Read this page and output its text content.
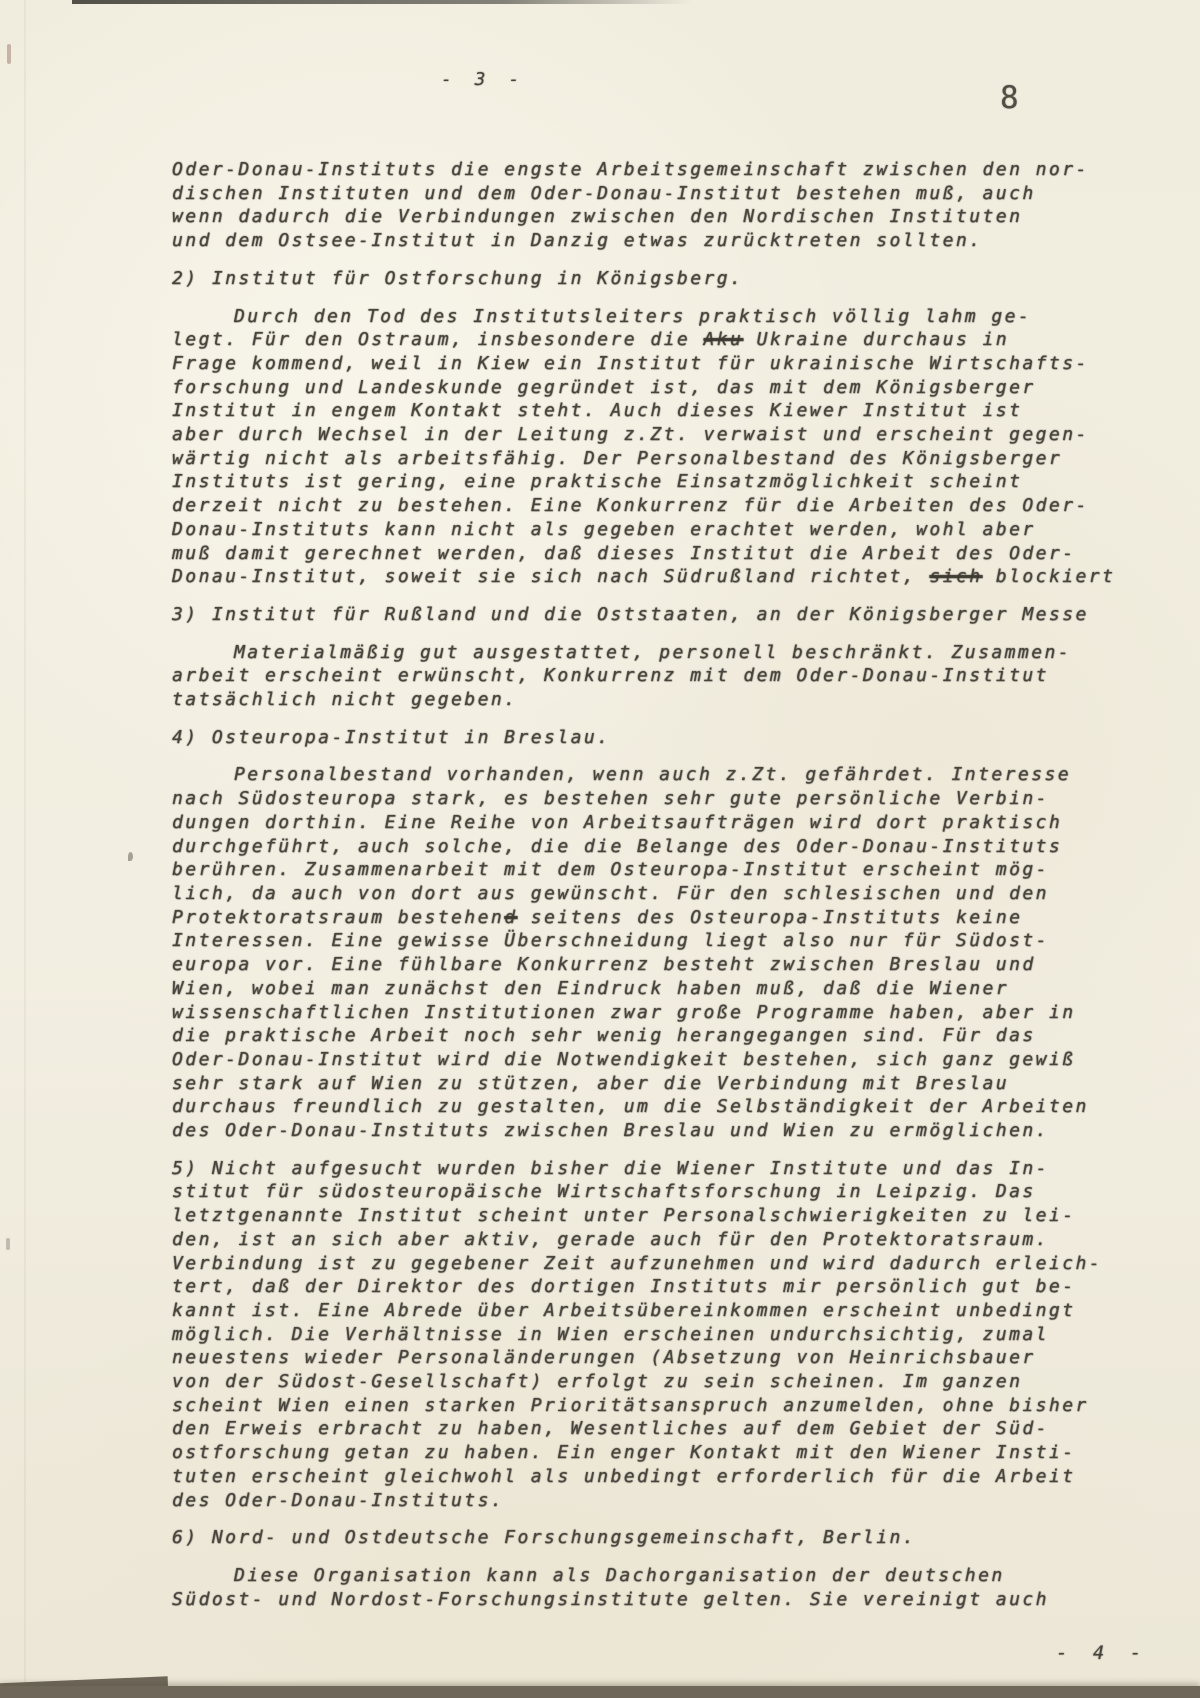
- 3 -
8
Oder-Donau-Instituts die engste Arbeitsgemeinschaft zwischen den nor-
dischen Instituten und dem Oder-Donau-Institut bestehen muß, auch
wenn dadurch die Verbindungen zwischen den Nordischen Instituten
und dem Ostsee-Institut in Danzig etwas zurücktreten sollten.
2) Institut für Ostforschung in Königsberg.
Durch den Tod des Institutsleiters praktisch völlig lahm ge-
legt. Für den Ostraum, insbesondere die Aku Ukraine durchaus in
Frage kommend, weil in Kiew ein Institut für ukrainische Wirtschafts-
forschung und Landeskunde gegründet ist, das mit dem Königsberger
Institut in engem Kontakt steht. Auch dieses Kiewer Institut ist
aber durch Wechsel in der Leitung z.Zt. verwaist und erscheint gegen-
wärtig nicht als arbeitsfähig. Der Personalbestand des Königsberger
Instituts ist gering, eine praktische Einsatzmöglichkeit scheint
derzeit nicht zu bestehen. Eine Konkurrenz für die Arbeiten des Oder-
Donau-Instituts kann nicht als gegeben erachtet werden, wohl aber
muß damit gerechnet werden, daß dieses Institut die Arbeit des Oder-
Donau-Institut, soweit sie sich nach Südrußland richtet, sich blockiert
3) Institut für Rußland und die Oststaaten, an der Königsberger Messe
Materialmäßig gut ausgestattet, personell beschränkt. Zusammen-
arbeit erscheint erwünscht, Konkurrenz mit dem Oder-Donau-Institut
tatsächlich nicht gegeben.
4) Osteuropa-Institut in Breslau.
Personalbestand vorhanden, wenn auch z.Zt. gefährdet. Interesse
nach Südosteuropa stark, es bestehen sehr gute persönliche Verbin-
dungen dorthin. Eine Reihe von Arbeitsaufträgen wird dort praktisch
durchgeführt, auch solche, die die Belange des Oder-Donau-Instituts
berühren. Zusammenarbeit mit dem Osteuropa-Institut erscheint mög-
lich, da auch von dort aus gewünscht. Für den schlesischen und den
Protektoratsraum bestehend seitens des Osteuropa-Instituts keine
Interessen. Eine gewisse Überschneidung liegt also nur für Südost-
europa vor. Eine fühlbare Konkurrenz besteht zwischen Breslau und
Wien, wobei man zunächst den Eindruck haben muß, daß die Wiener
wissenschaftlichen Institutionen zwar große Programme haben, aber in
die praktische Arbeit noch sehr wenig herangegangen sind. Für das
Oder-Donau-Institut wird die Notwendigkeit bestehen, sich ganz gewiß
sehr stark auf Wien zu stützen, aber die Verbindung mit Breslau
durchaus freundlich zu gestalten, um die Selbständigkeit der Arbeiten
des Oder-Donau-Instituts zwischen Breslau und Wien zu ermöglichen.
5) Nicht aufgesucht wurden bisher die Wiener Institute und das In-
stitut für südosteuropäische Wirtschaftsforschung in Leipzig. Das
letztgenannte Institut scheint unter Personalschwierigkeiten zu lei-
den, ist an sich aber aktiv, gerade auch für den Protektoratsraum.
Verbindung ist zu gegebener Zeit aufzunehmen und wird dadurch erleich-
tert, daß der Direktor des dortigen Instituts mir persönlich gut be-
kannt ist. Eine Abrede über Arbeitsübereinkommen erscheint unbedingt
möglich. Die Verhältnisse in Wien erscheinen undurchsichtig, zumal
neuestens wieder Personaländerungen (Absetzung von Heinrichsbauer
von der Südost-Gesellschaft) erfolgt zu sein scheinen. Im ganzen
scheint Wien einen starken Prioritätsanspruch anzumelden, ohne bisher
den Erweis erbracht zu haben, Wesentliches auf dem Gebiet der Süd-
ostforschung getan zu haben. Ein enger Kontakt mit den Wiener Insti-
tuten erscheint gleichwohl als unbedingt erforderlich für die Arbeit
des Oder-Donau-Instituts.
6) Nord- und Ostdeutsche Forschungsgemeinschaft, Berlin.
Diese Organisation kann als Dachorganisation der deutschen
Südost- und Nordost-Forschungsinstitute gelten. Sie vereinigt auch
- 4 -
